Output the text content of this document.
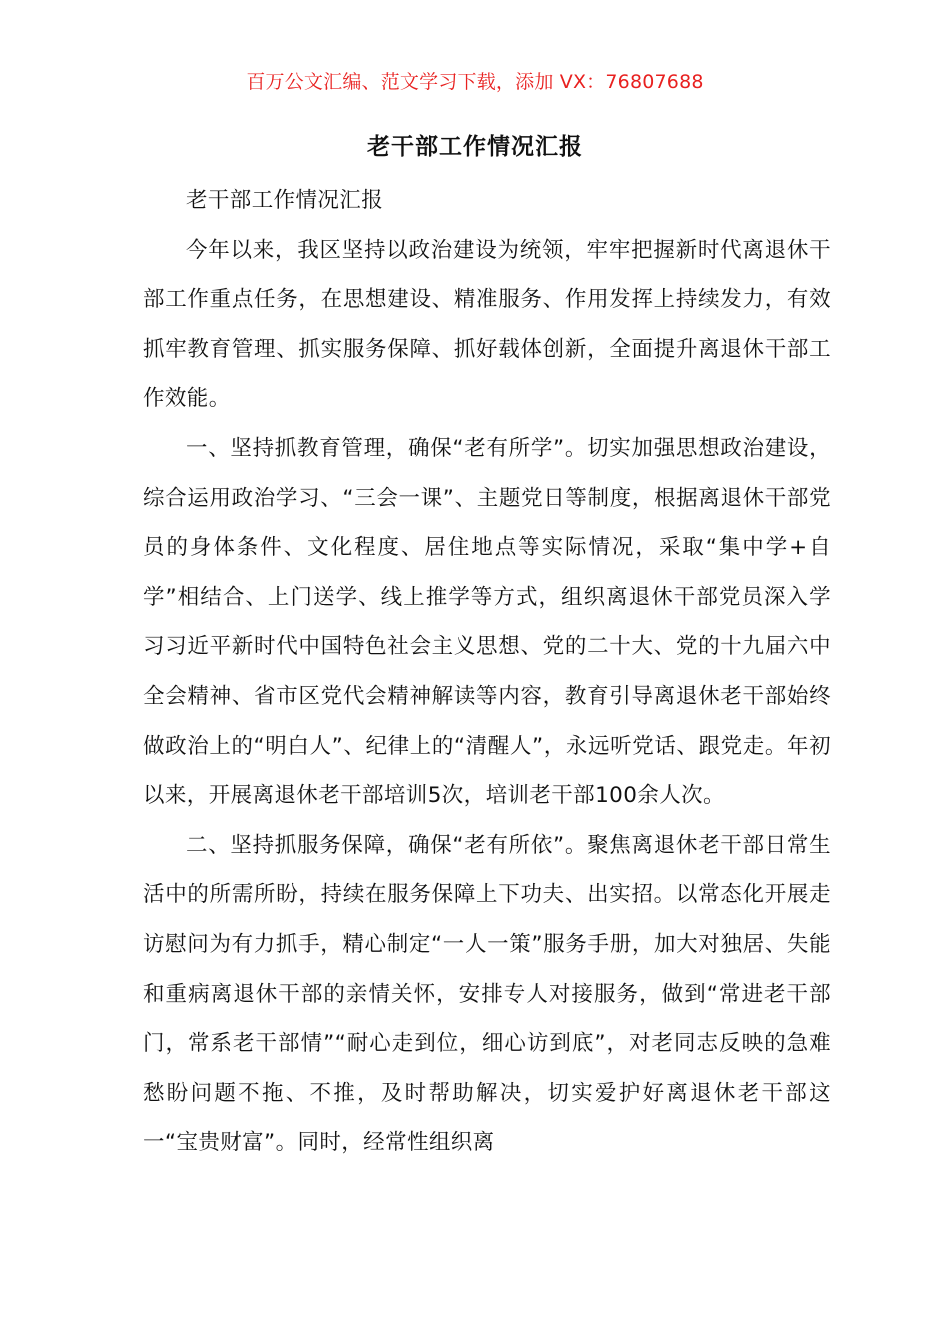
百万公文汇编、范文学习下载，添加 VX：76807688
老干部工作情况汇报

老干部工作情况汇报

今年以来，我区坚持以政治建设为统领，牢牢把握新时代离退休干部工作重点任务，在思想建设、精准服务、作用发挥上持续发力，有效抓牢教育管理、抓实服务保障、抓好载体创新，全面提升离退休干部工作效能。

一、坚持抓教育管理，确保“老有所学”。切实加强思想政治建设，综合运用政治学习、“三会一课”、主题党日等制度，根据离退休干部党员的身体条件、文化程度、居住地点等实际情况，采取“集中学+自学”相结合、上门送学、线上推学等方式，组织离退休干部党员深入学习习近平新时代中国特色社会主义思想、党的二十大、党的十九届六中全会精神、省市区党代会精神解读等内容，教育引导离退休老干部始终做政治上的“明白人”、纪律上的“清醒人”，永远听党话、跟党走。年初以来，开展离退休老干部培训5次，培训老干部100余人次。

二、坚持抓服务保障，确保“老有所依”。聚焦离退休老干部日常生活中的所需所盼，持续在服务保障上下功夫、出实招。以常态化开展走访慰问为有力抓手，精心制定“一人一策”服务手册，加大对独居、失能和重病离退休干部的亲情关怀，安排专人对接服务，做到“常进老干部门，常系老干部情”“耐心走到位，细心访到底”，对老同志反映的急难愁盼问题不拖、不推，及时帮助解决，切实爱护好离退休老干部这一“宝贵财富”。同时，经常性组织离
